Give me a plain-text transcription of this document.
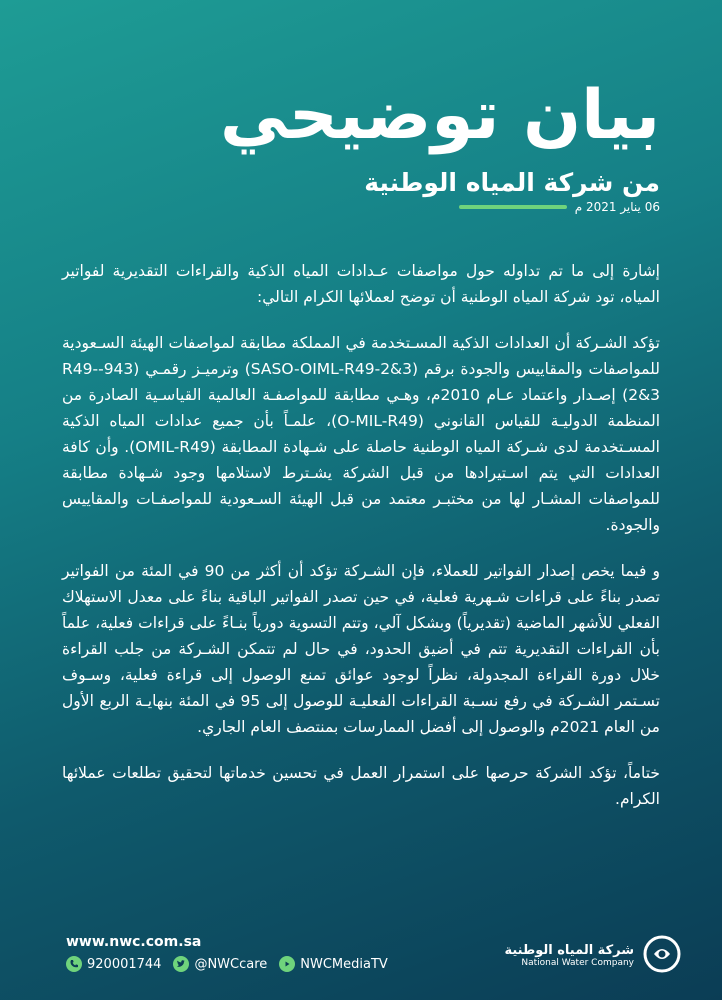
بيان توضيحي
من شركة المياه الوطنية
06 يناير 2021 م

إشارة إلى ما تم تداوله حول مواصفات عـدادات المياه الذكية والقراءات التقديرية لفواتير المياه، تود شركة المياه الوطنية أن توضح لعملائها الكرام التالي:

تؤكد الشـركة أن العدادات الذكية المسـتخدمة في المملكة مطابقة لمواصفات الهيئة السـعودية للمواصفات والمقاييس والجودة برقم (SASO-OIML-R49-2&3) وترميـز رقمـي (943-R49-2&3) إصـدار واعتماد عـام 2010م، وهـي مطابقة للمواصفـة العالمية القياسـية الصادرة من المنظمة الدوليـة للقياس القانوني (O-MIL-R49)، علمـاً بأن جميع عدادات المياه الذكية المسـتخدمة لدى شـركة المياه الوطنية حاصلة على شـهادة المطابقة (OMIL-R49). وأن كافة العدادات التي يتم اسـتيرادها من قبل الشركة يشـترط لاستلامها وجود شـهادة مطابقة للمواصفات المشـار لها من مختبـر معتمد من قبل الهيئة السـعودية للمواصفـات والمقاييس والجودة.

و فيما يخص إصدار الفواتير للعملاء، فإن الشـركة تؤكد أن أكثر من 90 في المئة من الفواتير تصدر بناءً على قراءات شـهرية فعلية، في حين تصدر الفواتير الباقية بناءً على معدل الاستهلاك الفعلي للأشهر الماضية (تقديرياً) وبشكل آلي، وتتم التسوية دورياً بنـاءً على قراءات فعلية، علماً بأن القراءات التقديرية تتم في أضيق الحدود، في حال لم تتمكن الشـركة من جلب القراءة خلال دورة القراءة المجدولة، نظراً لوجود عوائق تمنع الوصول إلى قراءة فعلية، وسـوف تسـتمر الشـركة في رفع نسـبة القراءات الفعليـة للوصول إلى 95 في المئة بنهايـة الربع الأول من العام 2021م والوصول إلى أفضل الممارسات بمنتصف العام الجاري.

ختاماً، تؤكد الشركة حرصها على استمرار العمل في تحسين خدماتها لتحقيق تطلعات عملائها الكرام.

www.nwc.com.sa
920001744	@NWCcare	NWCMediaTV
شركة المياه الوطنية
National Water Company
